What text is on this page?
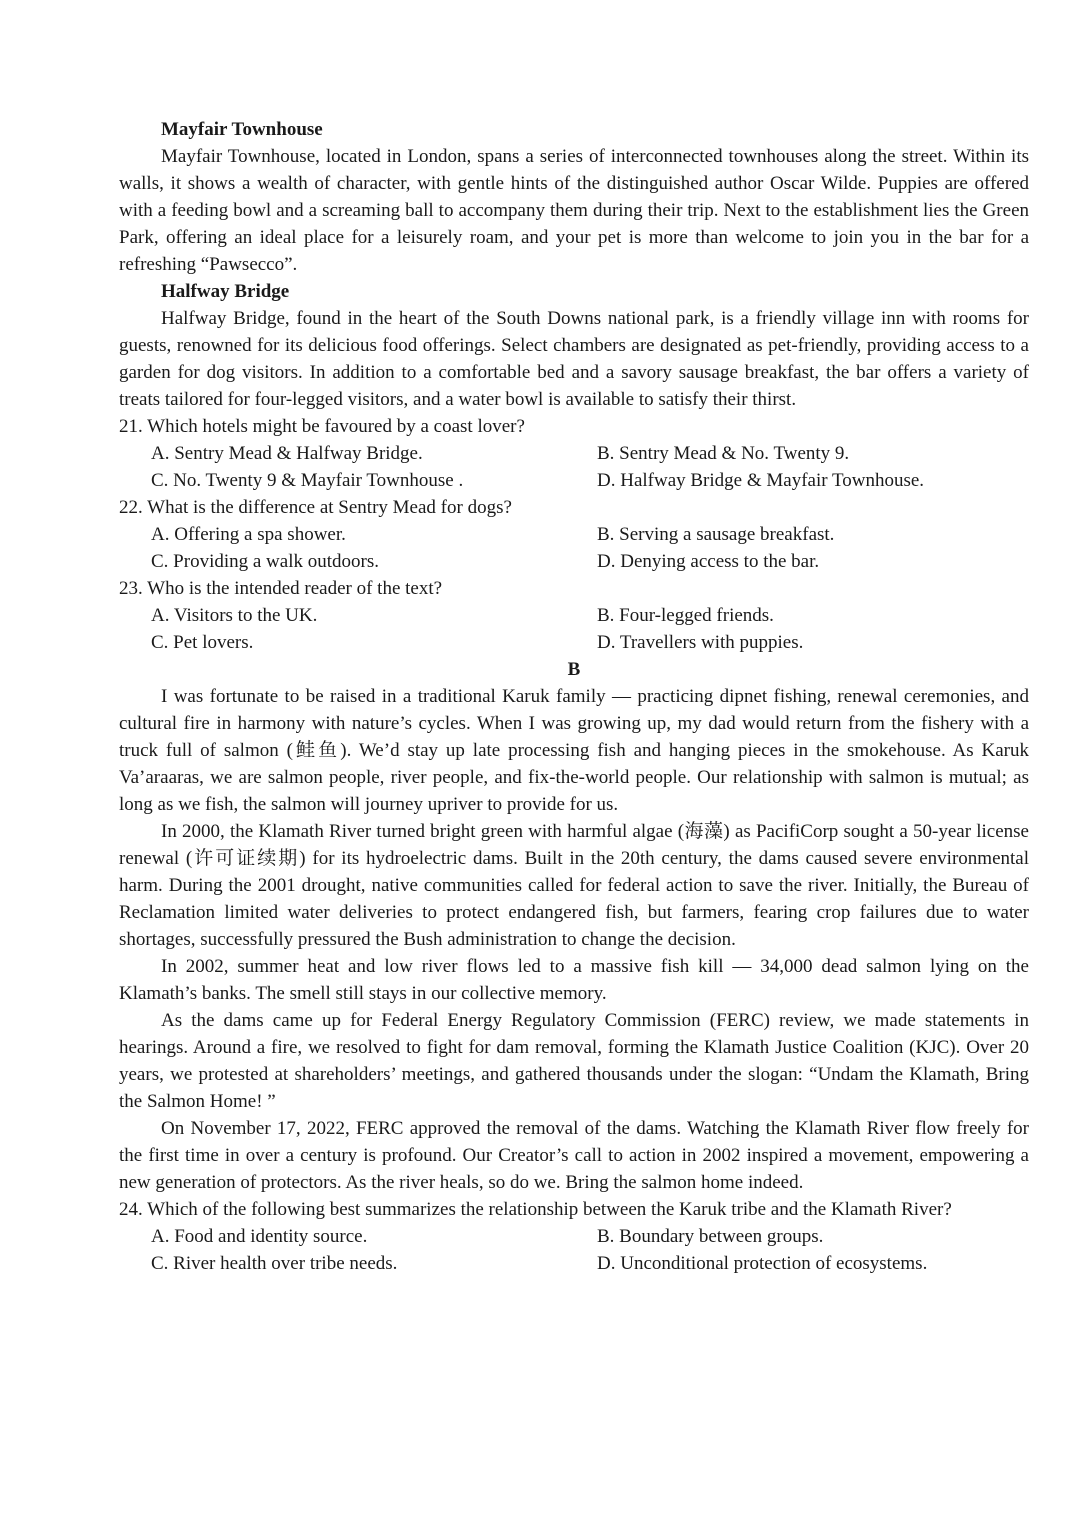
Mayfair Townhouse

Mayfair Townhouse, located in London, spans a series of interconnected townhouses along the street. Within its walls, it shows a wealth of character, with gentle hints of the distinguished author Oscar Wilde. Puppies are offered with a feeding bowl and a screaming ball to accompany them during their trip. Next to the establishment lies the Green Park, offering an ideal place for a leisurely roam, and your pet is more than welcome to join you in the bar for a refreshing “Pawsecco”.

Halfway Bridge

Halfway Bridge, found in the heart of the South Downs national park, is a friendly village inn with rooms for guests, renowned for its delicious food offerings. Select chambers are designated as pet-friendly, providing access to a garden for dog visitors. In addition to a comfortable bed and a savory sausage breakfast, the bar offers a variety of treats tailored for four-legged visitors, and a water bowl is available to satisfy their thirst.

21. Which hotels might be favoured by a coast lover?

A. Sentry Mead & Halfway Bridge.	B. Sentry Mead & No. Twenty 9.

C. No. Twenty 9 & Mayfair Townhouse .	D. Halfway Bridge & Mayfair Townhouse.

22. What is the difference at Sentry Mead for dogs?

A. Offering a spa shower.	B. Serving a sausage breakfast.

C. Providing a walk outdoors.	D. Denying access to the bar.

23. Who is the intended reader of the text?

A. Visitors to the UK.	B. Four-legged friends.

C. Pet lovers.	D. Travellers with puppies.

B

I was fortunate to be raised in a traditional Karuk family — practicing dipnet fishing, renewal ceremonies, and cultural fire in harmony with nature’s cycles. When I was growing up, my dad would return from the fishery with a truck full of salmon (鲑鱼). We’d stay up late processing fish and hanging pieces in the smokehouse. As Karuk Va’araaras, we are salmon people, river people, and fix-the-world people. Our relationship with salmon is mutual; as long as we fish, the salmon will journey upriver to provide for us.

In 2000, the Klamath River turned bright green with harmful algae (海藻) as PacifiCorp sought a 50-year license renewal (许可证续期) for its hydroelectric dams. Built in the 20th century, the dams caused severe environmental harm. During the 2001 drought, native communities called for federal action to save the river. Initially, the Bureau of Reclamation limited water deliveries to protect endangered fish, but farmers, fearing crop failures due to water shortages, successfully pressured the Bush administration to change the decision.

In 2002, summer heat and low river flows led to a massive fish kill — 34,000 dead salmon lying on the Klamath’s banks. The smell still stays in our collective memory.

As the dams came up for Federal Energy Regulatory Commission (FERC) review, we made statements in hearings. Around a fire, we resolved to fight for dam removal, forming the Klamath Justice Coalition (KJC). Over 20 years, we protested at shareholders’ meetings, and gathered thousands under the slogan: “Undam the Klamath, Bring the Salmon Home! ”

On November 17, 2022, FERC approved the removal of the dams. Watching the Klamath River flow freely for the first time in over a century is profound. Our Creator’s call to action in 2002 inspired a movement, empowering a new generation of protectors. As the river heals, so do we. Bring the salmon home indeed.

24. Which of the following best summarizes the relationship between the Karuk tribe and the Klamath River?

A. Food and identity source.	B. Boundary between groups.

C. River health over tribe needs.	D. Unconditional protection of ecosystems.
